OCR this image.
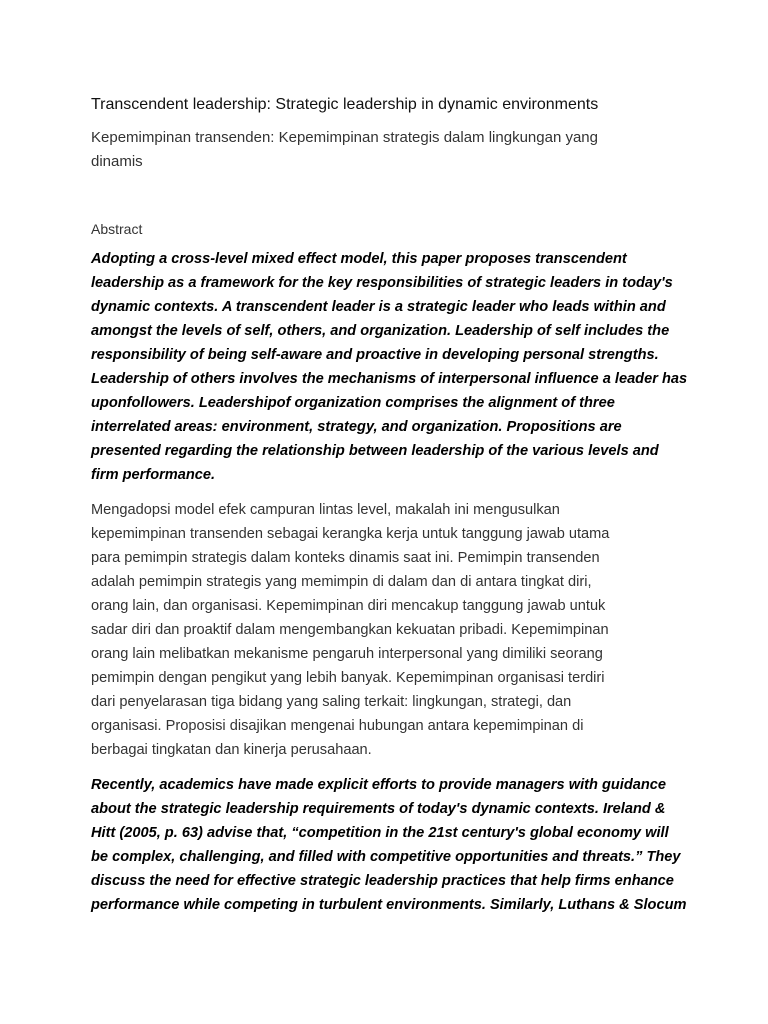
Transcendent leadership: Strategic leadership in dynamic environments
Kepemimpinan transenden: Kepemimpinan strategis dalam lingkungan yang
dinamis
Abstract
Adopting a cross-level mixed effect model, this paper proposes transcendent
leadership as a framework for the key responsibilities of strategic leaders in today's
dynamic contexts. A transcendent leader is a strategic leader who leads within and
amongst the levels of self, others, and organization. Leadership of self includes the
responsibility of being self-aware and proactive in developing personal strengths.
Leadership of others involves the mechanisms of interpersonal influence a leader has
uponfollowers. Leadershipof organization comprises the alignment of three
interrelated areas: environment, strategy, and organization. Propositions are
presented regarding the relationship between leadership of the various levels and
firm performance.
Mengadopsi model efek campuran lintas level, makalah ini mengusulkan
kepemimpinan transenden sebagai kerangka kerja untuk tanggung jawab utama
para pemimpin strategis dalam konteks dinamis saat ini. Pemimpin transenden
adalah pemimpin strategis yang memimpin di dalam dan di antara tingkat diri,
orang lain, dan organisasi. Kepemimpinan diri mencakup tanggung jawab untuk
sadar diri dan proaktif dalam mengembangkan kekuatan pribadi. Kepemimpinan
orang lain melibatkan mekanisme pengaruh interpersonal yang dimiliki seorang
pemimpin dengan pengikut yang lebih banyak. Kepemimpinan organisasi terdiri
dari penyelarasan tiga bidang yang saling terkait: lingkungan, strategi, dan
organisasi. Proposisi disajikan mengenai hubungan antara kepemimpinan di
berbagai tingkatan dan kinerja perusahaan.
Recently, academics have made explicit efforts to provide managers with guidance
about the strategic leadership requirements of today's dynamic contexts. Ireland &
Hitt (2005, p. 63) advise that, “competition in the 21st century's global economy will
be complex, challenging, and filled with competitive opportunities and threats.” They
discuss the need for effective strategic leadership practices that help firms enhance
performance while competing in turbulent environments. Similarly, Luthans & Slocum
